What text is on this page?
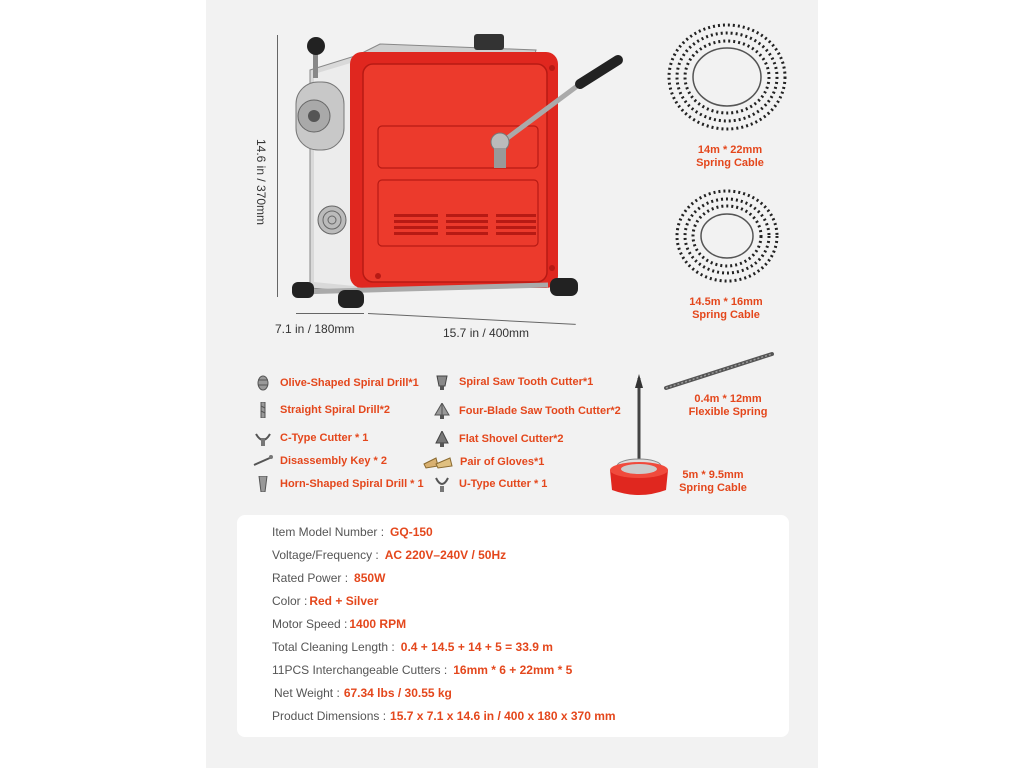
14.6 in / 370mm
7.1 in / 180mm	15.7 in / 400mm
14m * 22mm
Spring Cable
14.5m * 16mm
Spring Cable
0.4m * 12mm
Flexible Spring
5m * 9.5mm
Spring Cable
Olive-Shaped Spiral Drill*1
Straight Spiral Drill*2
C-Type Cutter * 1
Disassembly Key * 2
Horn-Shaped Spiral Drill * 1
Spiral Saw Tooth Cutter*1
Four-Blade Saw Tooth Cutter*2
Flat Shovel Cutter*2
Pair of Gloves*1
U-Type Cutter * 1
Item Model Number : GQ-150
Voltage/Frequency : AC 220V–240V / 50Hz
Rated Power : 850W
Color : Red + Silver
Motor Speed : 1400 RPM
Total Cleaning Length : 0.4 + 14.5 + 14 + 5 = 33.9 m
11PCS Interchangeable Cutters : 16mm * 6 + 22mm * 5
Net Weight : 67.34 lbs / 30.55 kg
Product Dimensions : 15.7 x 7.1 x 14.6 in / 400 x 180 x 370 mm
